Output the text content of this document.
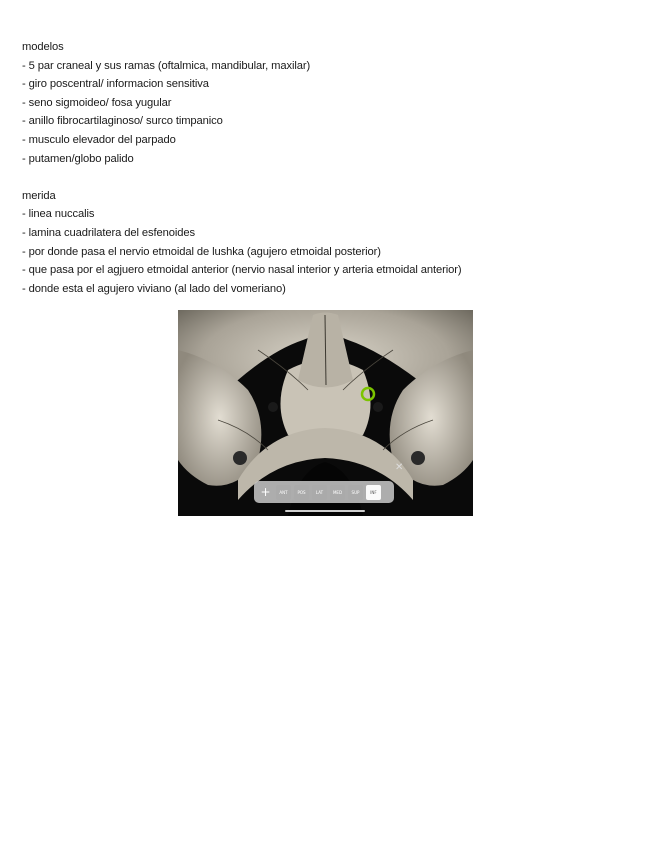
modelos
- 5 par craneal y sus ramas (oftalmica, mandibular, maxilar)
- giro poscentral/ informacion sensitiva
- seno sigmoideo/ fosa yugular
- anillo fibrocartilaginoso/ surco timpanico
- musculo elevador del parpado
- putamen/globo palido
merida
- linea nuccalis
- lamina cuadrilatera del esfenoides
- por donde pasa el nervio etmoidal de lushka (agujero etmoidal posterior)
- que pasa por el agjuero etmoidal anterior (nervio nasal interior y arteria etmoidal anterior)
- donde esta el agujero viviano (al lado del vomeriano)
✕
+	ANT	POS	LAT	MED	SUP	INF
